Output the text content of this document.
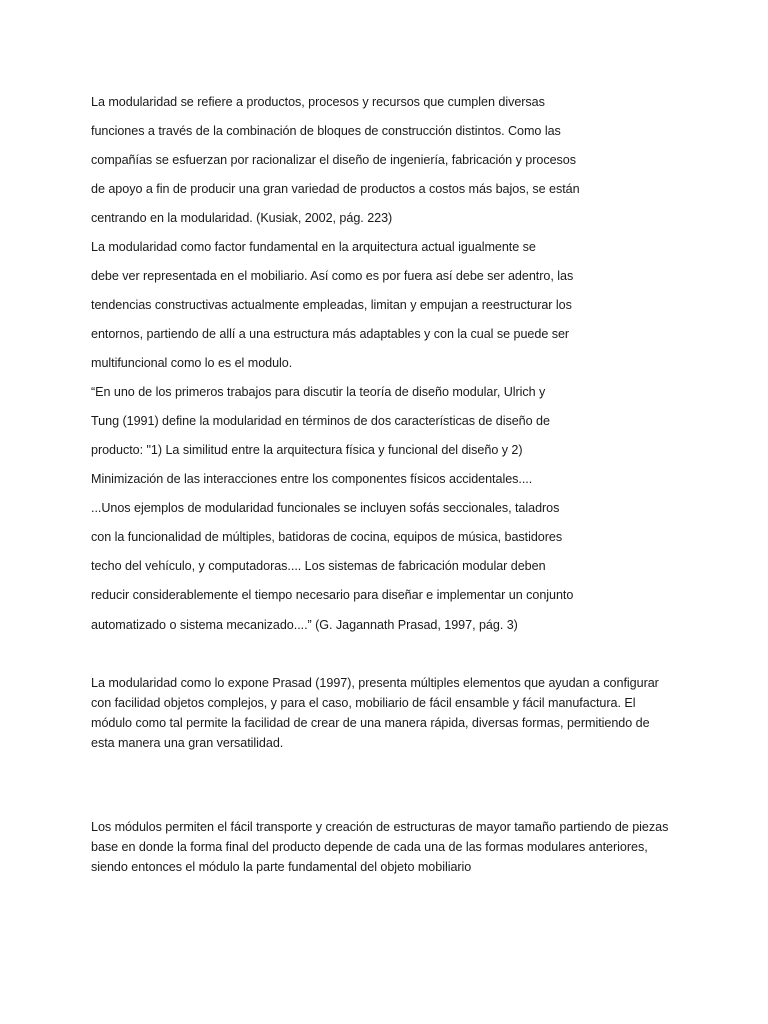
La modularidad se refiere a productos, procesos y recursos que cumplen diversas
funciones a través de la combinación de bloques de construcción distintos. Como las
compañías se esfuerzan por racionalizar el diseño de ingeniería, fabricación y procesos
de apoyo a fin de producir una gran variedad de productos a costos más bajos, se están
centrando en la modularidad. (Kusiak, 2002, pág. 223)
La modularidad como factor fundamental en la arquitectura actual igualmente se
debe ver representada en el mobiliario. Así como es por fuera así debe ser adentro, las
tendencias constructivas actualmente empleadas, limitan y empujan a reestructurar los
entornos, partiendo de allí a una estructura más adaptables y con la cual se puede ser
multifuncional como lo es el modulo.
“En uno de los primeros trabajos para discutir la teoría de diseño modular, Ulrich y
Tung (1991) define la modularidad en términos de dos características de diseño de
producto: "1) La similitud entre la arquitectura física y funcional del diseño y 2)
Minimización de las interacciones entre los componentes físicos accidentales....
...Unos ejemplos de modularidad funcionales se incluyen sofás seccionales, taladros
con la funcionalidad de múltiples, batidoras de cocina, equipos de música, bastidores
techo del vehículo, y computadoras.... Los sistemas de fabricación modular deben
reducir considerablemente el tiempo necesario para diseñar e implementar un conjunto
automatizado o sistema mecanizado....” (G. Jagannath Prasad, 1997, pág. 3)
La modularidad como lo expone Prasad (1997), presenta múltiples elementos que ayudan a configurar con facilidad objetos complejos, y para el caso, mobiliario de fácil ensamble y fácil manufactura. El módulo como tal permite la facilidad de crear de una manera rápida, diversas formas, permitiendo de esta manera una gran versatilidad.
Los módulos permiten el fácil transporte y creación de estructuras de mayor tamaño partiendo de piezas base en donde la forma final del producto depende de cada una de las formas modulares anteriores, siendo entonces el módulo la parte fundamental del objeto mobiliario
